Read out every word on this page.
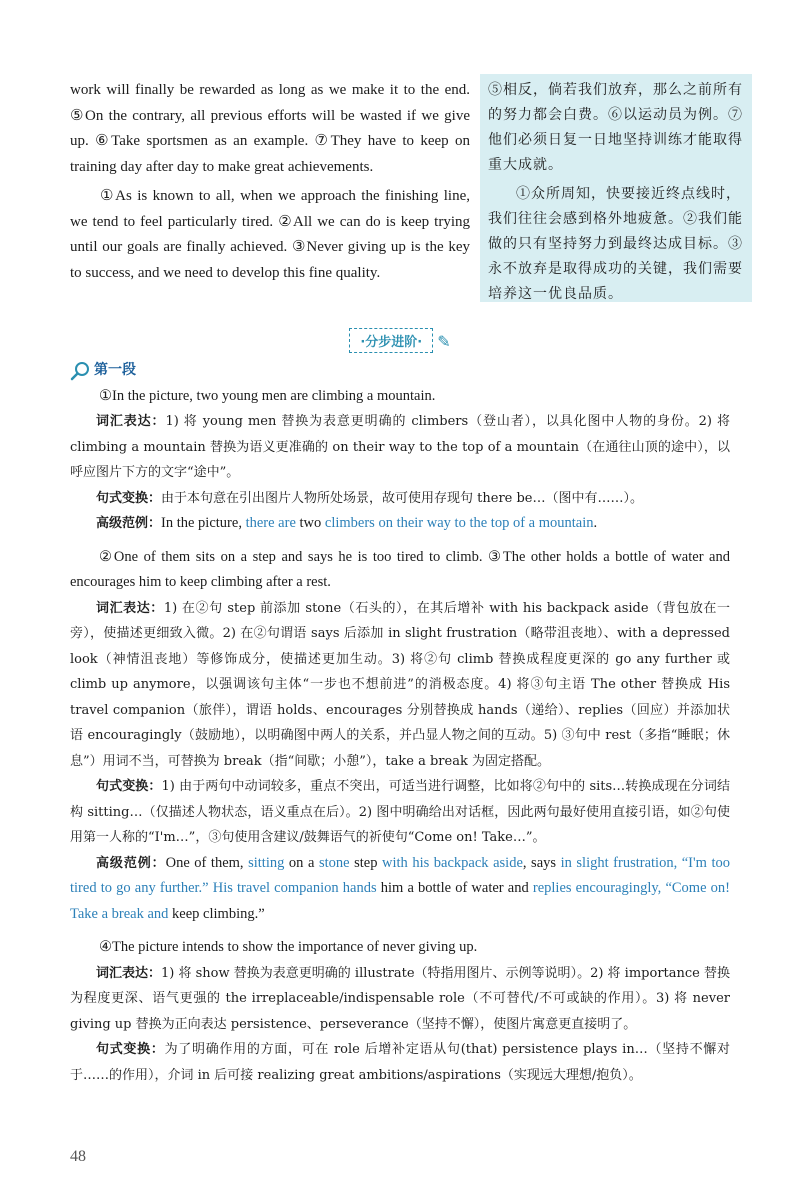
work will finally be rewarded as long as we make it to the end. ⑤On the contrary, all previous efforts will be wasted if we give up. ⑥Take sportsmen as an example. ⑦They have to keep on training day after day to make great achievements.

①As is known to all, when we approach the finishing line, we tend to feel particularly tired. ②All we can do is keep trying until our goals are finally achieved. ③Never giving up is the key to success, and we need to develop this fine quality.

⑤相反，倘若我们放弃，那么之前所有的努力都会白费。⑥以运动员为例。⑦他们必须日复一日地坚持训练才能取得重大成就。

①众所周知，快要接近终点线时，我们往往会感到格外地疲惫。②我们能做的只有坚持努力到最终达成目标。③永不放弃是取得成功的关键，我们需要培养这一优良品质。

·分步进阶· ✎

第一段

①In the picture, two young men are climbing a mountain.

词汇表达：1) 将 young men 替换为表意更明确的 climbers（登山者），以具化图中人物的身份。2) 将 climbing a mountain 替换为语义更准确的 on their way to the top of a mountain（在通往山顶的途中），以呼应图片下方的文字“途中”。

句式变换：由于本句意在引出图片人物所处场景，故可使用存现句 there be…（图中有……）。

高级范例：In the picture, there are two climbers on their way to the top of a mountain.

②One of them sits on a step and says he is too tired to climb. ③The other holds a bottle of water and encourages him to keep climbing after a rest.

词汇表达：1) 在②句 step 前添加 stone（石头的），在其后增补 with his backpack aside（背包放在一旁），使描述更细致入微。2) 在②句谓语 says 后添加 in slight frustration（略带沮丧地）、with a depressed look（神情沮丧地）等修饰成分，使描述更加生动。3) 将②句 climb 替换成程度更深的 go any further 或 climb up anymore，以强调该句主体“一步也不想前进”的消极态度。4) 将③句主语 The other 替换成 His travel companion（旅伴），谓语 holds、encourages 分别替换成 hands（递给）、replies（回应）并添加状语 encouragingly（鼓励地），以明确图中两人的关系，并凸显人物之间的互动。5) ③句中 rest（多指“睡眠；休息”）用词不当，可替换为 break（指“间歇；小憩”），take a break 为固定搭配。

句式变换：1) 由于两句中动词较多，重点不突出，可适当进行调整，比如将②句中的 sits…转换成现在分词结构 sitting…（仅描述人物状态，语义重点在后）。2) 图中明确给出对话框，因此两句最好使用直接引语，如②句使用第一人称的“I'm…”，③句使用含建议/鼓舞语气的祈使句“Come on! Take…”。

高级范例：One of them, sitting on a stone step with his backpack aside, says in slight frustration, “I'm too tired to go any further.” His travel companion hands him a bottle of water and replies encouragingly, “Come on! Take a break and keep climbing.”

④The picture intends to show the importance of never giving up.

词汇表达：1) 将 show 替换为表意更明确的 illustrate（特指用图片、示例等说明）。2) 将 importance 替换为程度更深、语气更强的 the irreplaceable/indispensable role（不可替代/不可或缺的作用）。3) 将 never giving up 替换为正向表达 persistence、perseverance（坚持不懈），使图片寓意更直接明了。

句式变换：为了明确作用的方面，可在 role 后增补定语从句(that) persistence plays in…（坚持不懈对于……的作用），介词 in 后可接 realizing great ambitions/aspirations（实现远大理想/抱负）。

48
